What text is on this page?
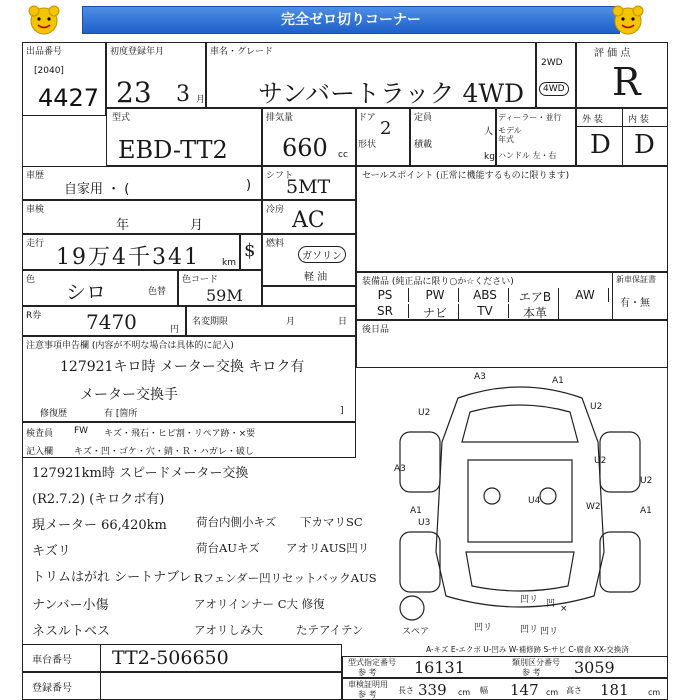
完全ゼロ切りコーナー
出品番号
[2040]
4427
初度登録年月
23 3 月
車名・グレード
サンバートラック 4WD
2WD
4WD
評 価 点
R
型式
EBD-TT2
排気量
660 cc
ドア 2
形状
定員
人
積載
kg
ディーラー・並行
モデル
年式
ハンドル 左・右
外 装	内 装
D D
車歴
自家用 ・ (	)
シフト
5MT
車検
年	月
冷房 AC
走行
19万4千341 km
$ 燃料
ガソリン
軽 油
色 シロ	色替
色コード
59M
R券 7470	円
名変期限	月	日
注意事項申告欄 (内容が不明な場合は具体的に記入)
127921キロ時 メーター交換 キロク有
メーター交換手
修復歴	有 [箇所	]
セールスポイント (正常に機能するものに限ります)
装備品 (純正品に限り○か☆ください)	新車保証書
有・無
PS	PW	ABS	エアB	AW
SR	ナビ	TV	本革
後日品
検査員 FW キズ・飛石・ヒビ割・リペア跡・×要
記入欄 キズ・凹・ゴケ・穴・錆・Ｒ・ハガレ・破し
127921km時 スピードメーター交換
(R2.7.2) (キロクボ有)
現メーター 66,420km
キズリ
トリムはがれ シートナブレ
ナンバー小傷
ネスルトベス
荷台内側小キズ 下カマリSC
荷台AUキズ アオリAUS凹リ
Rフェンダー凹リ セットバックAUS
アオリインナー C大 修復
アオリしみ大	たテアイテン
A3	A1
U2
U2
U2
A3
U2
A1
U3
U4
W2	A1
凹リ 凹 ×
凹リ	凹リ 凹リ
スペア
A-キズ E-エクボ U-凹み W-補修跡 S-サビ C-腐食 XX-交換済
車台番号 TT2-506650
登録番号
型式指定番号
参 考 16131	類別区分番号
参 考 3059
車検証明用
参 考	長さ 339 cm 幅 147 cm 高さ 181 cm
